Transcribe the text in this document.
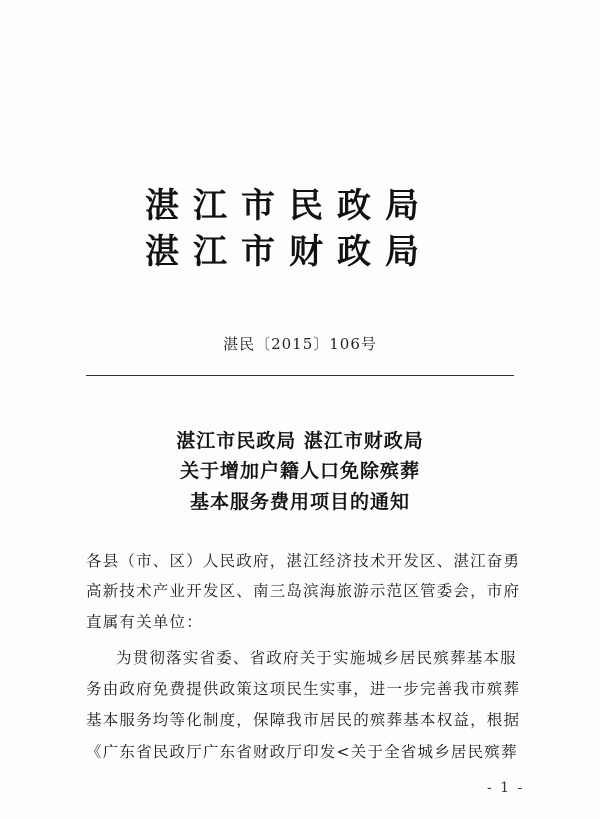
湛江市民政局
湛江市财政局
湛民〔2015〕106号
湛江市民政局 湛江市财政局
关于增加户籍人口免除殡葬
基本服务费用项目的通知
各县（市、区）人民政府，湛江经济技术开发区、湛江奋勇
高新技术产业开发区、南三岛滨海旅游示范区管委会，市府
直属有关单位：
为贯彻落实省委、省政府关于实施城乡居民殡葬基本服
务由政府免费提供政策这项民生实事，进一步完善我市殡葬
基本服务均等化制度，保障我市居民的殡葬基本权益，根据
《广东省民政厅广东省财政厅印发<关于全省城乡居民殡葬
- 1 -
